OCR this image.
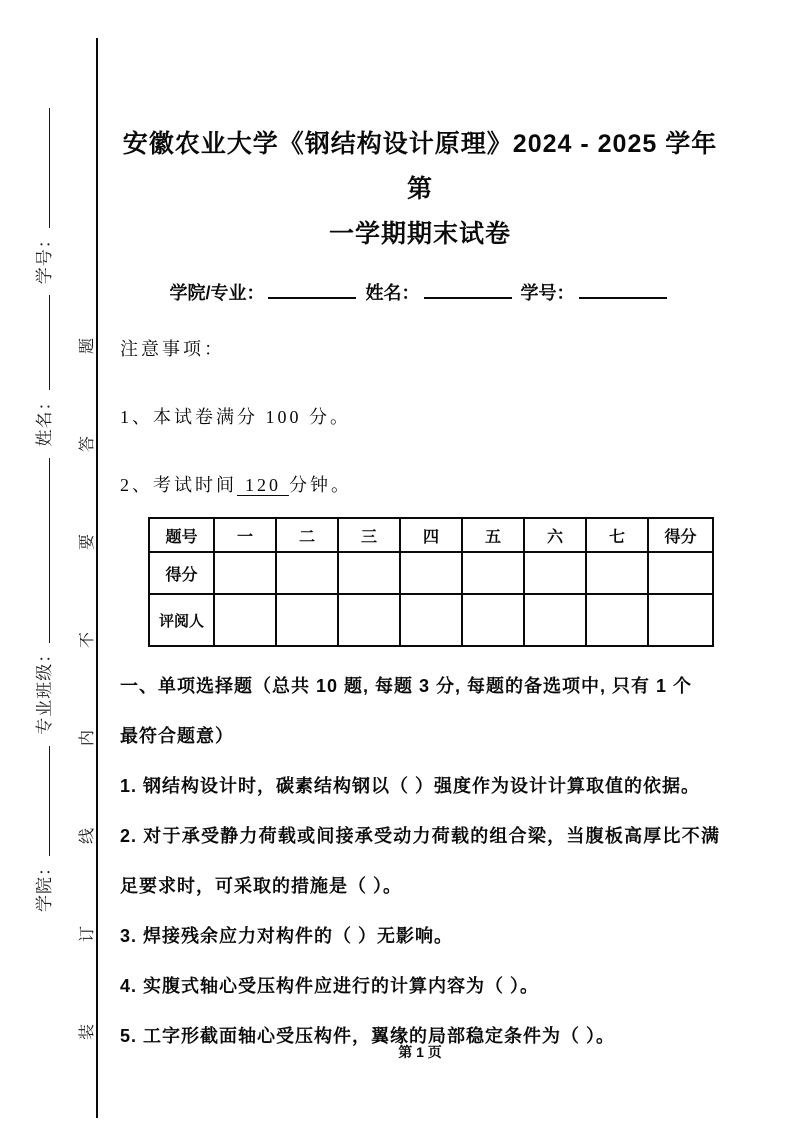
学院： 专业班级： 姓名： 学号：	装订线内不要答题
安徽农业大学《钢结构设计原理》2024 - 2025 学年第
一学期期末试卷
学院/专业：	姓名：	学号：

注意事项：

1、本试卷满分 100 分。

2、考试时间 120 分钟。

题号	一	二	三	四	五	六	七	得分
得分								
评阅人								

一、单项选择题（总共 10 题, 每题 3 分, 每题的备选项中, 只有 1 个

最符合题意）

1. 钢结构设计时，碳素结构钢以（ ）强度作为设计计算取值的依据。

2. 对于承受静力荷载或间接承受动力荷载的组合梁，当腹板高厚比不满足要求时，可采取的措施是（ ）。

3. 焊接残余应力对构件的（ ）无影响。

4. 实腹式轴心受压构件应进行的计算内容为（ ）。

5. 工字形截面轴心受压构件，翼缘的局部稳定条件为（ ）。

第 1 页
